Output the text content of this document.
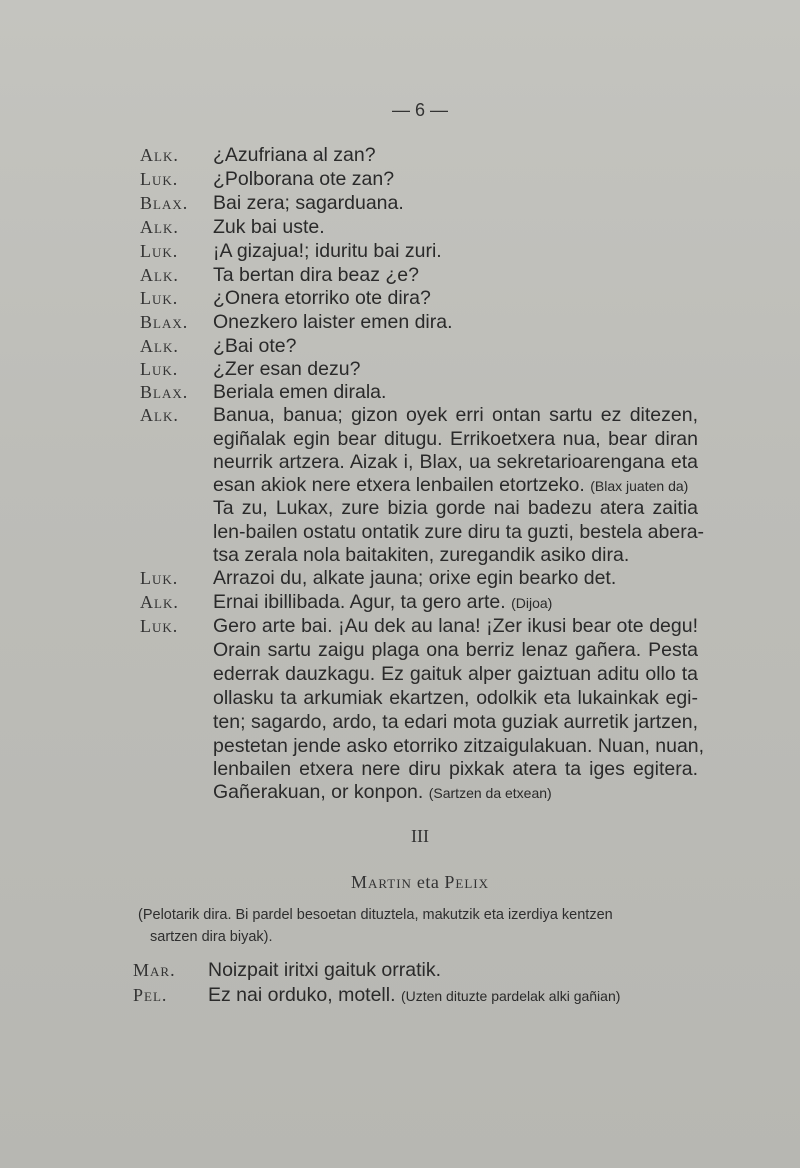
— 6 —
Alk. ¿Azufriana al zan?
Luk. ¿Polborana ote zan?
Blax. Bai zera; sagarduana.
Alk. Zuk bai uste.
Luk. ¡A gizajua!; iduritu bai zuri.
Alk. Ta bertan dira beaz ¿e?
Luk. ¿Onera etorriko ote dira?
Blax. Onezkero laister emen dira.
Alk. ¿Bai ote?
Luk. ¿Zer esan dezu?
Blax. Beriala emen dirala.
Alk. Banua, banua; gizon oyek erri ontan sartu ez ditezen,
egiñalak egin bear ditugu. Errikoetxera nua, bear diran
neurrik artzera. Aizak i, Blax, ua sekretarioarengana eta
esan akiok nere etxera lenbailen etortzeko. (Blax juaten da)
Ta zu, Lukax, zure bizia gorde nai badezu atera zaitia
len-bailen ostatu ontatik zure diru ta guzti, bestela abera-
tsa zerala nola baitakiten, zuregandik asiko dira.
Luk. Arrazoi du, alkate jauna; orixe egin bearko det.
Alk. Ernai ibillibada. Agur, ta gero arte. (Dijoa)
Luk. Gero arte bai. ¡Au dek au lana! ¡Zer ikusi bear ote degu!
Orain sartu zaigu plaga ona berriz lenaz gañera. Pesta
ederrak dauzkagu. Ez gaituk alper gaiztuan aditu ollo ta
ollasku ta arkumiak ekartzen, odolkik eta lukainkak egi-
ten; sagardo, ardo, ta edari mota guziak aurretik jartzen,
pestetan jende asko etorriko zitzaigulakuan. Nuan, nuan,
lenbailen etxera nere diru pixkak atera ta iges egitera.
Gañerakuan, or konpon. (Sartzen da etxean)
III
Martin eta Pelix
(Pelotarik dira. Bi pardel besoetan dituztela, makutzik eta izerdiya kentzen
sartzen dira biyak).
Mar. Noizpait iritxi gaituk orratik.
Pel. Ez nai orduko, motell. (Uzten dituzte pardelak alki gañian)
